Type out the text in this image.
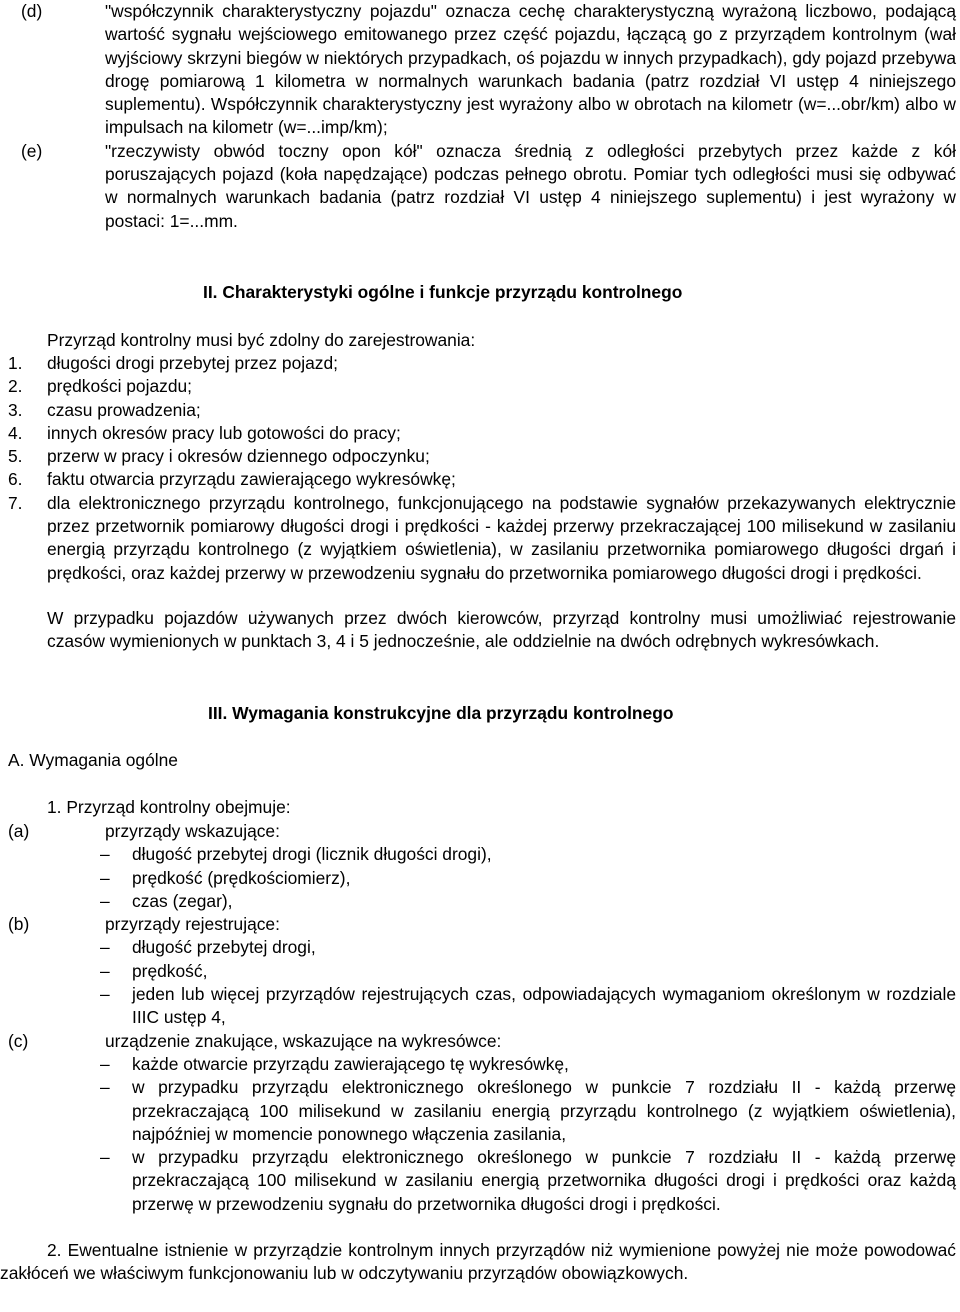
(d)	"współczynnik charakterystyczny pojazdu" oznacza cechę charakterystyczną wyrażoną liczbowo, podającą wartość sygnału wejściowego emitowanego przez część pojazdu, łączącą go z przyrządem kontrolnym (wał wyjściowy skrzyni biegów w niektórych przypadkach, oś pojazdu w innych przypadkach), gdy pojazd przebywa drogę pomiarową 1 kilometra w normalnych warunkach badania (patrz rozdział VI ustęp 4 niniejszego suplementu). Współczynnik charakterystyczny jest wyrażony albo w obrotach na kilometr (w=...obr/km) albo w impulsach na kilometr (w=...imp/km);
(e)	"rzeczywisty obwód toczny opon kół" oznacza średnią z odległości przebytych przez każde z kół poruszających pojazd (koła napędzające) podczas pełnego obrotu. Pomiar tych odległości musi się odbywać w normalnych warunkach badania (patrz rozdział VI ustęp 4 niniejszego suplementu) i jest wyrażony w postaci: 1=...mm.
II. Charakterystyki ogólne i funkcje przyrządu kontrolnego
Przyrząd kontrolny musi być zdolny do zarejestrowania:
1. długości drogi przebytej przez pojazd;
2. prędkości pojazdu;
3. czasu prowadzenia;
4. innych okresów pracy lub gotowości do pracy;
5. przerw w pracy i okresów dziennego odpoczynku;
6. faktu otwarcia przyrządu zawierającego wykresówkę;
7. dla elektronicznego przyrządu kontrolnego, funkcjonującego na podstawie sygnałów przekazywanych elektrycznie przez przetwornik pomiarowy długości drogi i prędkości - każdej przerwy przekraczającej 100 milisekund w zasilaniu energią przyrządu kontrolnego (z wyjątkiem oświetlenia), w zasilaniu przetwornika pomiarowego długości drgań i prędkości, oraz każdej przerwy w przewodzeniu sygnału do przetwornika pomiarowego długości drogi i prędkości.
W przypadku pojazdów używanych przez dwóch kierowców, przyrząd kontrolny musi umożliwiać rejestrowanie czasów wymienionych w punktach 3, 4 i 5 jednocześnie, ale oddzielnie na dwóch odrębnych wykresówkach.
III. Wymagania konstrukcyjne dla przyrządu kontrolnego
A. Wymagania ogólne
1. Przyrząd kontrolny obejmuje:
(a)	przyrządy wskazujące:
– długość przebytej drogi (licznik długości drogi),
– prędkość (prędkościomierz),
– czas (zegar),
(b)	przyrządy rejestrujące:
– długość przebytej drogi,
– prędkość,
– jeden lub więcej przyrządów rejestrujących czas, odpowiadających wymaganiom określonym w rozdziale IIIC ustęp 4,
(c)	urządzenie znakujące, wskazujące na wykresówce:
– każde otwarcie przyrządu zawierającego tę wykresówkę,
– w przypadku przyrządu elektronicznego określonego w punkcie 7 rozdziału II - każdą przerwę przekraczającą 100 milisekund w zasilaniu energią przyrządu kontrolnego (z wyjątkiem oświetlenia), najpóźniej w momencie ponownego włączenia zasilania,
– w przypadku przyrządu elektronicznego określonego w punkcie 7 rozdziału II - każdą przerwę przekraczającą 100 milisekund w zasilaniu energią przetwornika długości drogi i prędkości oraz każdą przerwę w przewodzeniu sygnału do przetwornika długości drogi i prędkości.
2. Ewentualne istnienie w przyrządzie kontrolnym innych przyrządów niż wymienione powyżej nie może powodować zakłóceń we właściwym funkcjonowaniu lub w odczytywaniu przyrządów obowiązkowych.
